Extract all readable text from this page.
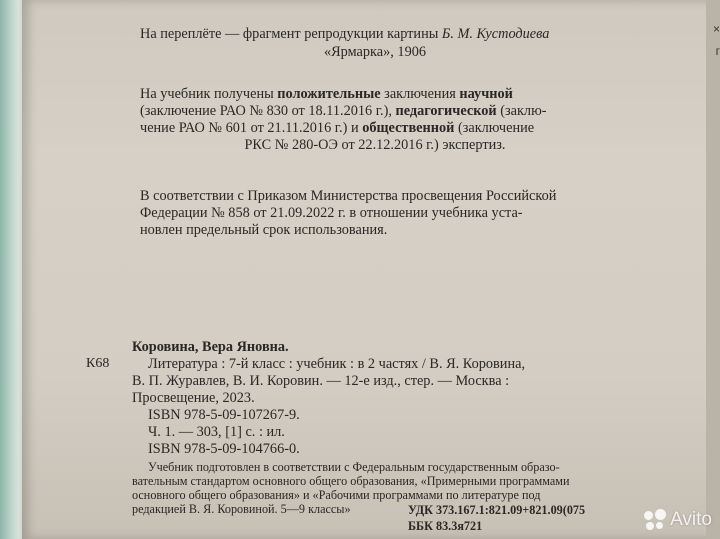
×
г
На переплёте — фрагмент репродукции картины Б. М. Кустодиева
«Ярмарка», 1906
На учебник получены положительные заключения научной
(заключение РАО № 830 от 18.11.2016 г.), педагогической (заклю-
чение РАО № 601 от 21.11.2016 г.) и общественной (заключение
РКС № 280-ОЭ от 22.12.2016 г.) экспертиз.
В соответствии с Приказом Министерства просвещения Российской
Федерации № 858 от 21.09.2022 г. в отношении учебника уста-
новлен предельный срок использования.
Коровина, Вера Яновна.
К68	Литература : 7-й класс : учебник : в 2 частях / В. Я. Коровина,
В. П. Журавлев, В. И. Коровин. — 12-е изд., стер. — Москва :
Просвещение, 2023.
ISBN 978-5-09-107267-9.
Ч. 1. — 303, [1] с. : ил.
ISBN 978-5-09-104766-0.
Учебник подготовлен в соответствии с Федеральным государственным образо-
вательным стандартом основного общего образования, «Примерными программами
основного общего образования» и «Рабочими программами по литературе под
редакцией В. Я. Коровиной. 5—9 классы»	УДК 373.167.1:821.09+821.09(075
ББК 83.3я721	Avito
